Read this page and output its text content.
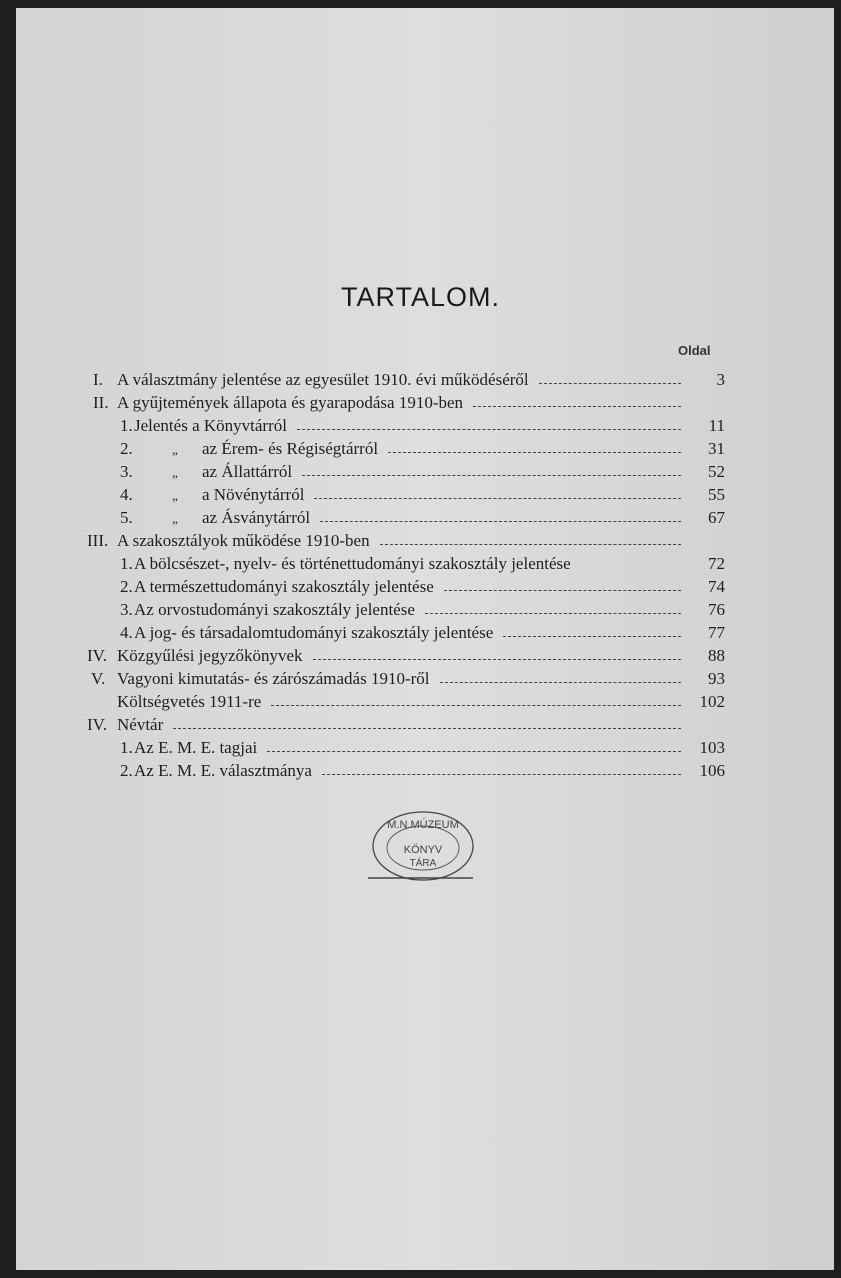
TARTALOM.
Oldal
I. A választmány jelentése az egyesület 1910. évi működéséről	3
II. A gyűjtemények állapota és gyarapodása 1910-ben
1. Jelentés a Könyvtárról	11
2.	„	az Érem- és Régiségtárról	31
3.	„	az Állattárról	52
4.	„	a Növénytárról	55
5.	„	az Ásványtárról	67
III. A szakosztályok működése 1910-ben
1. A bölcsészet-, nyelv- és történettudományi szakosztály jelentése	72
2. A természettudományi szakosztály jelentése	74
3. Az orvostudományi szakosztály jelentése	76
4. A jog- és társadalomtudományi szakosztály jelentése	77
IV. Közgyűlési jegyzőkönyvek	88
V. Vagyoni kimutatás- és zárószámadás 1910-ről	93
Költségvetés 1911-re	102
IV. Névtár
1. Az E. M. E. tagjai	103
2. Az E. M. E. választmánya	106
M.N.MÚZEUM
KÖNYV
TÁRA
